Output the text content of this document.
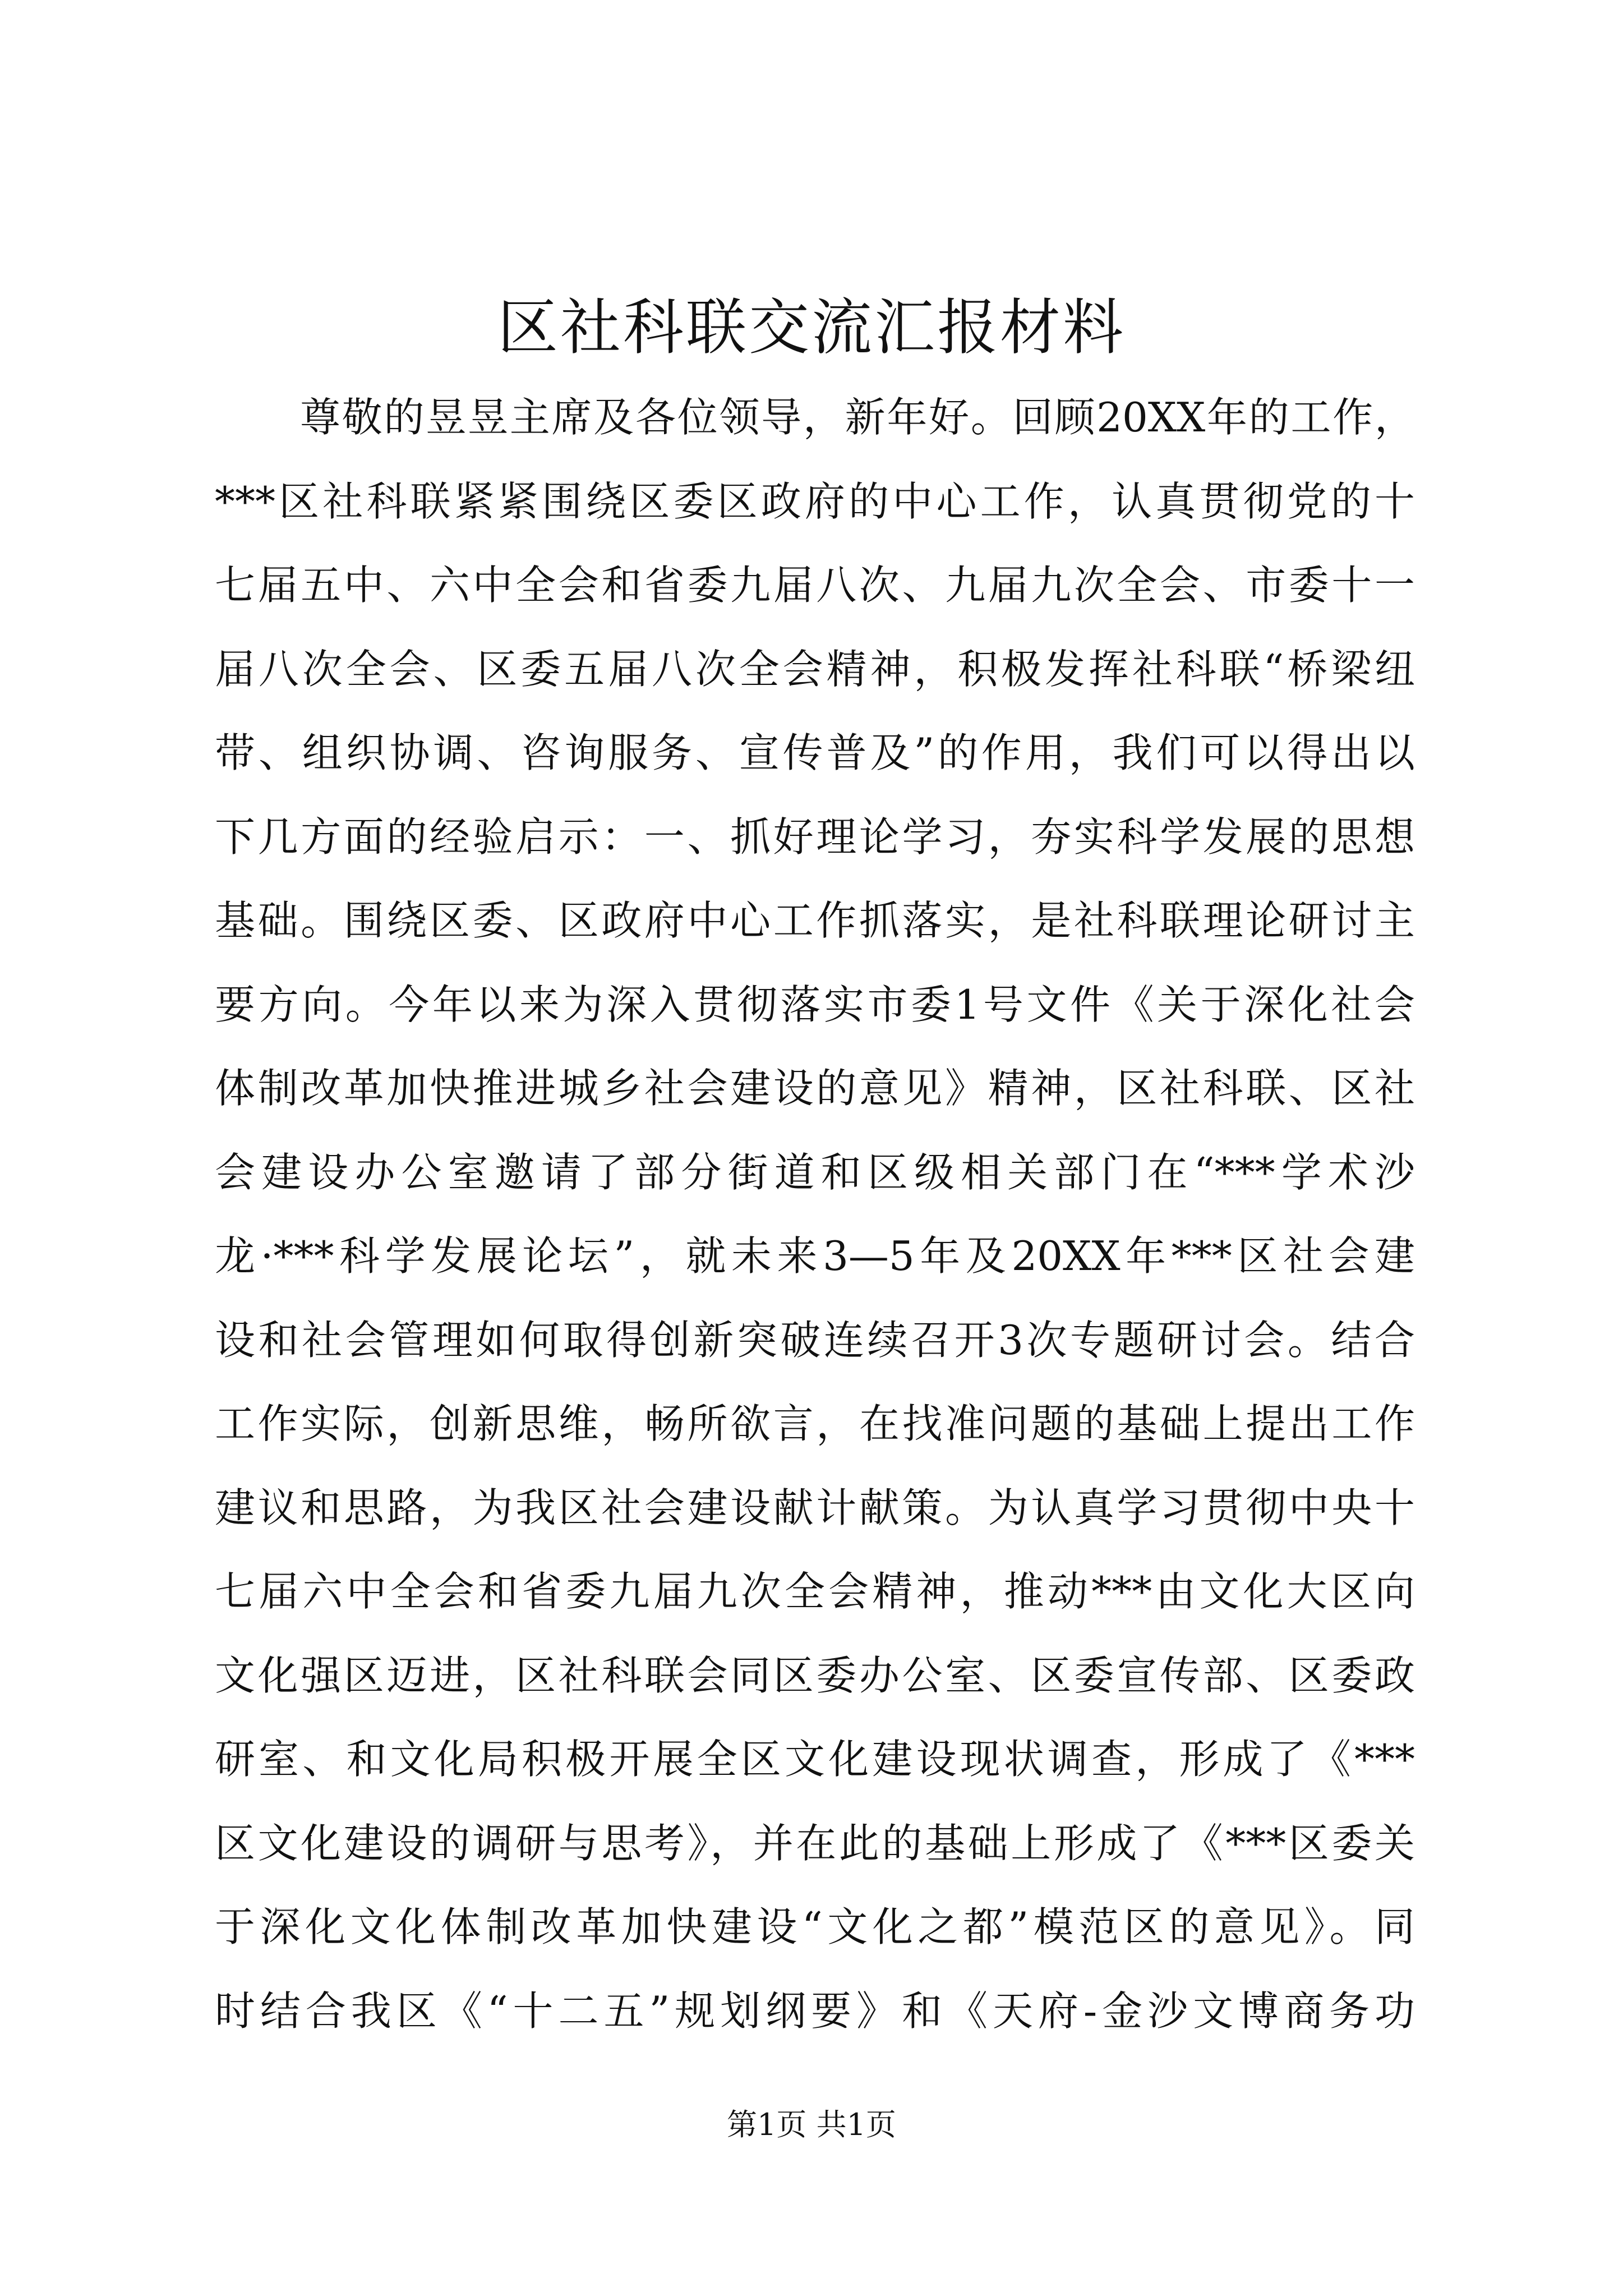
区社科联交流汇报材料
尊敬的昱昱主席及各位领导，新年好。回顾20XX年的工作，
***区社科联紧紧围绕区委区政府的中心工作，认真贯彻党的十
七届五中、六中全会和省委九届八次、九届九次全会、市委十一
届八次全会、区委五届八次全会精神，积极发挥社科联“桥梁纽
带、组织协调、咨询服务、宣传普及”的作用，我们可以得出以
下几方面的经验启示：一、抓好理论学习，夯实科学发展的思想
基础。围绕区委、区政府中心工作抓落实，是社科联理论研讨主
要方向。今年以来为深入贯彻落实市委1号文件《关于深化社会
体制改革加快推进城乡社会建设的意见》精神，区社科联、区社
会建设办公室邀请了部分街道和区级相关部门在“***学术沙
龙·***科学发展论坛”，就未来3—5年及20XX年***区社会建
设和社会管理如何取得创新突破连续召开3次专题研讨会。结合
工作实际，创新思维，畅所欲言，在找准问题的基础上提出工作
建议和思路，为我区社会建设献计献策。为认真学习贯彻中央十
七届六中全会和省委九届九次全会精神，推动***由文化大区向
文化强区迈进，区社科联会同区委办公室、区委宣传部、区委政
研室、和文化局积极开展全区文化建设现状调查，形成了《***
区文化建设的调研与思考》，并在此的基础上形成了《***区委关
于深化文化体制改革加快建设“文化之都”模范区的意见》。同
时结合我区《“十二五”规划纲要》和《天府-金沙文博商务功
第1页 共1页
